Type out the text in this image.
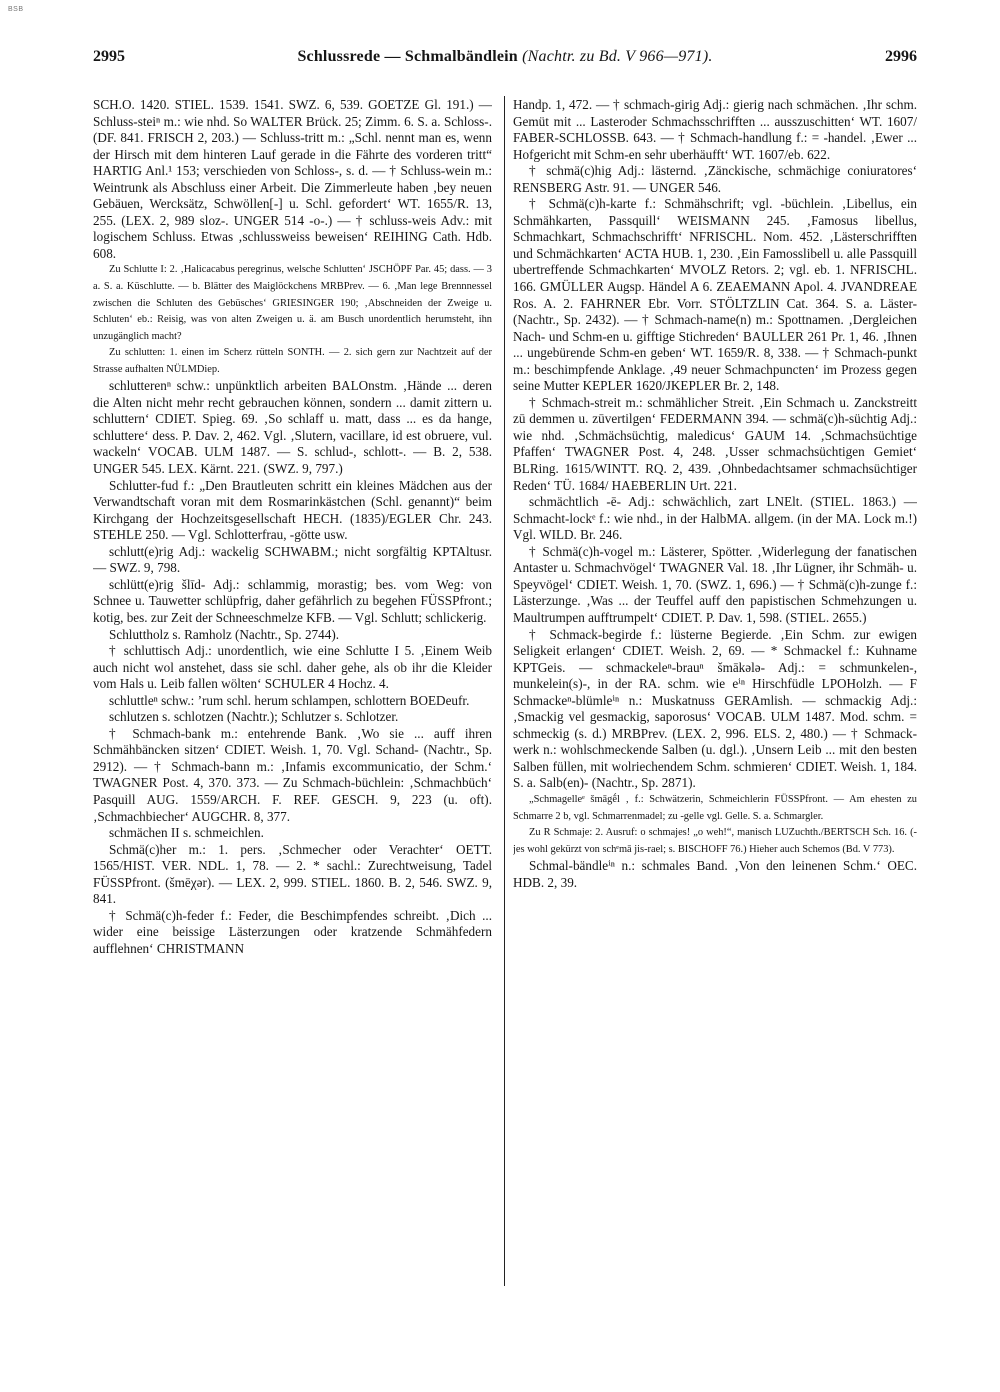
BSB
2995	Schlussrede — Schmalbändlein (Nachtr. zu Bd. V 966—971).	2996

SCH.O. 1420. STIEL. 1539. 1541. SWZ. 6, 539. GOETZE Gl. 191.) — Schluss-steiⁿ m.: wie nhd. So WALTER Brück. 25; Zimm. 6. S. a. Schloss-. (DF. 841. FRISCH 2, 203.) — Schluss-tritt m.: „Schl. nennt man es, wenn der Hirsch mit dem hinteren Lauf gerade in die Fährte des vorderen tritt“ HARTIG Anl.¹ 153; verschieden von Schloss-, s. d. — † Schluss-wein m.: Weintrunk als Abschluss einer Arbeit. Die Zimmerleute haben ‚bey neuen Gebäuen, Wercksätz, Schwöllen[-] u. Schl. gefordert‘ WT. 1655/R. 13, 255. (LEX. 2, 989 sloz-. UNGER 514 -o-.) — † schluss-weis Adv.: mit logischem Schluss. Etwas ‚schlussweiss beweisen‘ REIHING Cath. Hdb. 608.

Zu Schlutte I: 2. ‚Halicacabus peregrinus, welsche Schlutten‘ JSCHÖPF Par. 45; dass. — 3 a. S. a. Küschlutte. — b. Blätter des Maiglöckchens MRBPrev. — 6. ‚Man lege Brennnessel zwischen die Schluten des Gebüsches‘ GRIESINGER 190; ‚Abschneiden der Zweige u. Schluten‘ eb.: Reisig, was von alten Zweigen u. ä. am Busch unordentlich herumsteht, ihn unzugänglich macht?

Zu schlutten: 1. einen im Scherz rütteln SONTH. — 2. sich gern zur Nachtzeit auf der Strasse aufhalten NÜLMDiep.

schlutterenⁿ schw.: unpünktlich arbeiten BALOnstm. ‚Hände ... deren die Alten nicht mehr recht gebrauchen können, sondern ... damit zittern u. schluttern‘ CDIET. Spieg. 69. ‚So schlaff u. matt, dass ... es da hange, schluttere‘ dess. P. Dav. 2, 462. Vgl. ‚Slutern, vacillare, id est obruere, vul. wackeln‘ VOCAB. ULM 1487. — S. schlud-, schlott-. — B. 2, 538. UNGER 545. LEX. Kärnt. 221. (SWZ. 9, 797.)

Schlutter-fud f.: „Den Brautleuten schritt ein kleines Mädchen aus der Verwandtschaft voran mit dem Rosmarinkästchen (Schl. genannt)“ beim Kirchgang der Hochzeitsgesellschaft HECH. (1835)/EGLER Chr. 243. STEHLE 250. — Vgl. Schlotterfrau, -götte usw.

schlutt(e)rig Adj.: wackelig SCHWABM.; nicht sorgfältig KPTAltusr. — SWZ. 9, 798.

schlütt(e)rig šlīd- Adj.: schlammig, morastig; bes. vom Weg: von Schnee u. Tauwetter schlüpfrig, daher gefährlich zu begehen FÜSSPfront.; kotig, bes. zur Zeit der Schneeschmelze KFB. — Vgl. Schlutt; schlickerig.

Schluttholz s. Ramholz (Nachtr., Sp. 2744).

† schluttisch Adj.: unordentlich, wie eine Schlutte I 5. ‚Einem Weib auch nicht wol anstehet, dass sie schl. daher gehe, als ob ihr die Kleider vom Hals u. Leib fallen wölten‘ SCHULER 4 Hochz. 4.

schluttleⁿ schw.: ’rum schl. herum schlampen, schlottern BOEDeufr.

schlutzen s. schlotzen (Nachtr.); Schlutzer s. Schlotzer.

† Schmach-bank m.: entehrende Bank. ‚Wo sie ... auff ihren Schmähbäncken sitzen‘ CDIET. Weish. 1, 70. Vgl. Schand- (Nachtr., Sp. 2912). — † Schmach-bann m.: ‚Infamis excommunicatio, der Schm.‘ TWAGNER Post. 4, 370. 373. — Zu Schmach-büchlein: ‚Schmachbüch‘ Pasquill AUG. 1559/ARCH. F. REF. GESCH. 9, 223 (u. oft). ‚Schmachbiecher‘ AUGCHR. 8, 377.

schmächen II s. schmeichlen.

Schmä(c)her m.: 1. pers. ‚Schmecher oder Verachter‘ OETT. 1565/HIST. VER. NDL. 1, 78. — 2. * sachl.: Zurechtweisung, Tadel FÜSSPfront. (šmēχər). — LEX. 2, 999. STIEL. 1860. B. 2, 546. SWZ. 9, 841.

† Schmä(c)h-feder f.: Feder, die Beschimpfendes schreibt. ‚Dich ... wider eine beissige Lästerzungen oder kratzende Schmähfedern aufflehnen‘ CHRISTMANN

Handp. 1, 472. — † schmach-girig Adj.: gierig nach schmächen. ‚Ihr schm. Gemüt mit ... Lasteroder Schmachsschrifften ... ausszuschitten‘ WT. 1607/ FABER-SCHLOSSB. 643. — † Schmach-handlung f.: = -handel. ‚Ewer ... Hofgericht mit Schm-en sehr uberhäufft‘ WT. 1607/eb. 622.

† schmä(c)hig Adj.: lästernd. ‚Zänckische, schmächige coniuratores‘ RENSBERG Astr. 91. — UNGER 546.

† Schmä(c)h-karte f.: Schmähschrift; vgl. -büchlein. ‚Libellus, ein Schmähkarten, Passquill‘ WEISMANN 245. ‚Famosus libellus, Schmachkart, Schmachschrifft‘ NFRISCHL. Nom. 452. ‚Lästerschrifften und Schmächkarten‘ ACTA HUB. 1, 230. ‚Ein Famosslibell u. alle Passquill ubertreffende Schmachkarten‘ MVOLZ Retors. 2; vgl. eb. 1. NFRISCHL. 166. GMÜLLER Augsp. Händel A 6. ZEAEMANN Apol. 4. JVANDREAE Ros. A. 2. FAHRNER Ebr. Vorr. STÖLTZLIN Cat. 364. S. a. Läster- (Nachtr., Sp. 2432). — † Schmach-name(n) m.: Spottnamen. ‚Dergleichen Nach- und Schm-en u. gifftige Stichreden‘ BAULLER 261 Pr. 1, 46. ‚Ihnen ... ungebürende Schm-en geben‘ WT. 1659/R. 8, 338. — † Schmach-punkt m.: beschimpfende Anklage. ‚49 neuer Schmachpuncten‘ im Prozess gegen seine Mutter KEPLER 1620/JKEPLER Br. 2, 148.

† Schmach-streit m.: schmählicher Streit. ‚Ein Schmach u. Zanckstreitt zū demmen u. zūvertilgen‘ FEDERMANN 394. — schmä(c)h-süchtig Adj.: wie nhd. ‚Schmächsüchtig, maledicus‘ GAUM 14. ‚Schmachsüchtige Pfaffen‘ TWAGNER Post. 4, 248. ‚Usser schmachsüchtigen Gemiet‘ BLRing. 1615/WINTT. RQ. 2, 439. ‚Ohnbedachtsamer schmachsüchtiger Reden‘ TÜ. 1684/ HAEBERLIN Urt. 221.

schmächtlich -ē- Adj.: schwächlich, zart LNElt. (STIEL. 1863.) — Schmacht-lockᵉ f.: wie nhd., in der HalbMA. allgem. (in der MA. Lock m.!) Vgl. WILD. Br. 246.

† Schmä(c)h-vogel m.: Lästerer, Spötter. ‚Widerlegung der fanatischen Antaster u. Schmachvögel‘ TWAGNER Val. 18. ‚Ihr Lügner, ihr Schmäh- u. Speyvögel‘ CDIET. Weish. 1, 70. (SWZ. 1, 696.) — † Schmä(c)h-zunge f.: Lästerzunge. ‚Was ... der Teuffel auff den papistischen Schmehzungen u. Maultrumpen aufftrumpelt‘ CDIET. P. Dav. 1, 598. (STIEL. 2655.)

† Schmack-begirde f.: lüsterne Begierde. ‚Ein Schm. zur ewigen Seligkeit erlangen‘ CDIET. Weish. 2, 69. — * Schmackel f.: Kuhname KPTGeis. — schmackeleⁿ-brauⁿ šmākələ- Adj.: = schmunkelen-, munkelein(s)-, in der RA. schm. wie eⁱⁿ Hirschfüdle LPOHolzh. — F Schmackeⁿ-blümleⁱⁿ n.: Muskatnuss GERAmlish. — schmackig Adj.: ‚Smackig vel gesmackig, saporosus‘ VOCAB. ULM 1487. Mod. schm. = schmeckig (s. d.) MRBPrev. (LEX. 2, 996. ELS. 2, 480.) — † Schmack-werk n.: wohlschmeckende Salben (u. dgl.). ‚Unsern Leib ... mit den besten Salben füllen, mit wolriechendem Schm. schmieren‘ CDIET. Weish. 1, 184. S. a. Salb(en)- (Nachtr., Sp. 2871).

„Schmagelleᵉ šmāgḗl ‚ f.: Schwätzerin, Schmeichlerin FÜSSPfront. — Am ehesten zu Schmarre 2 b, vgl. Schmarrenmadel; zu -gelle vgl. Gelle. S. a. Schmargler.

Zu R Schmaje: 2. Ausruf: o schmajes! „o weh!“, manisch LUZuchth./BERTSCH Sch. 16. (-jes wohl gekürzt von schᵉmā jis-rael; s. BISCHOFF 76.) Hieher auch Schemos (Bd. V 773).

Schmal-bändleⁱⁿ n.: schmales Band. ‚Von den leinenen Schm.‘ OEC. HDB. 2, 39.
